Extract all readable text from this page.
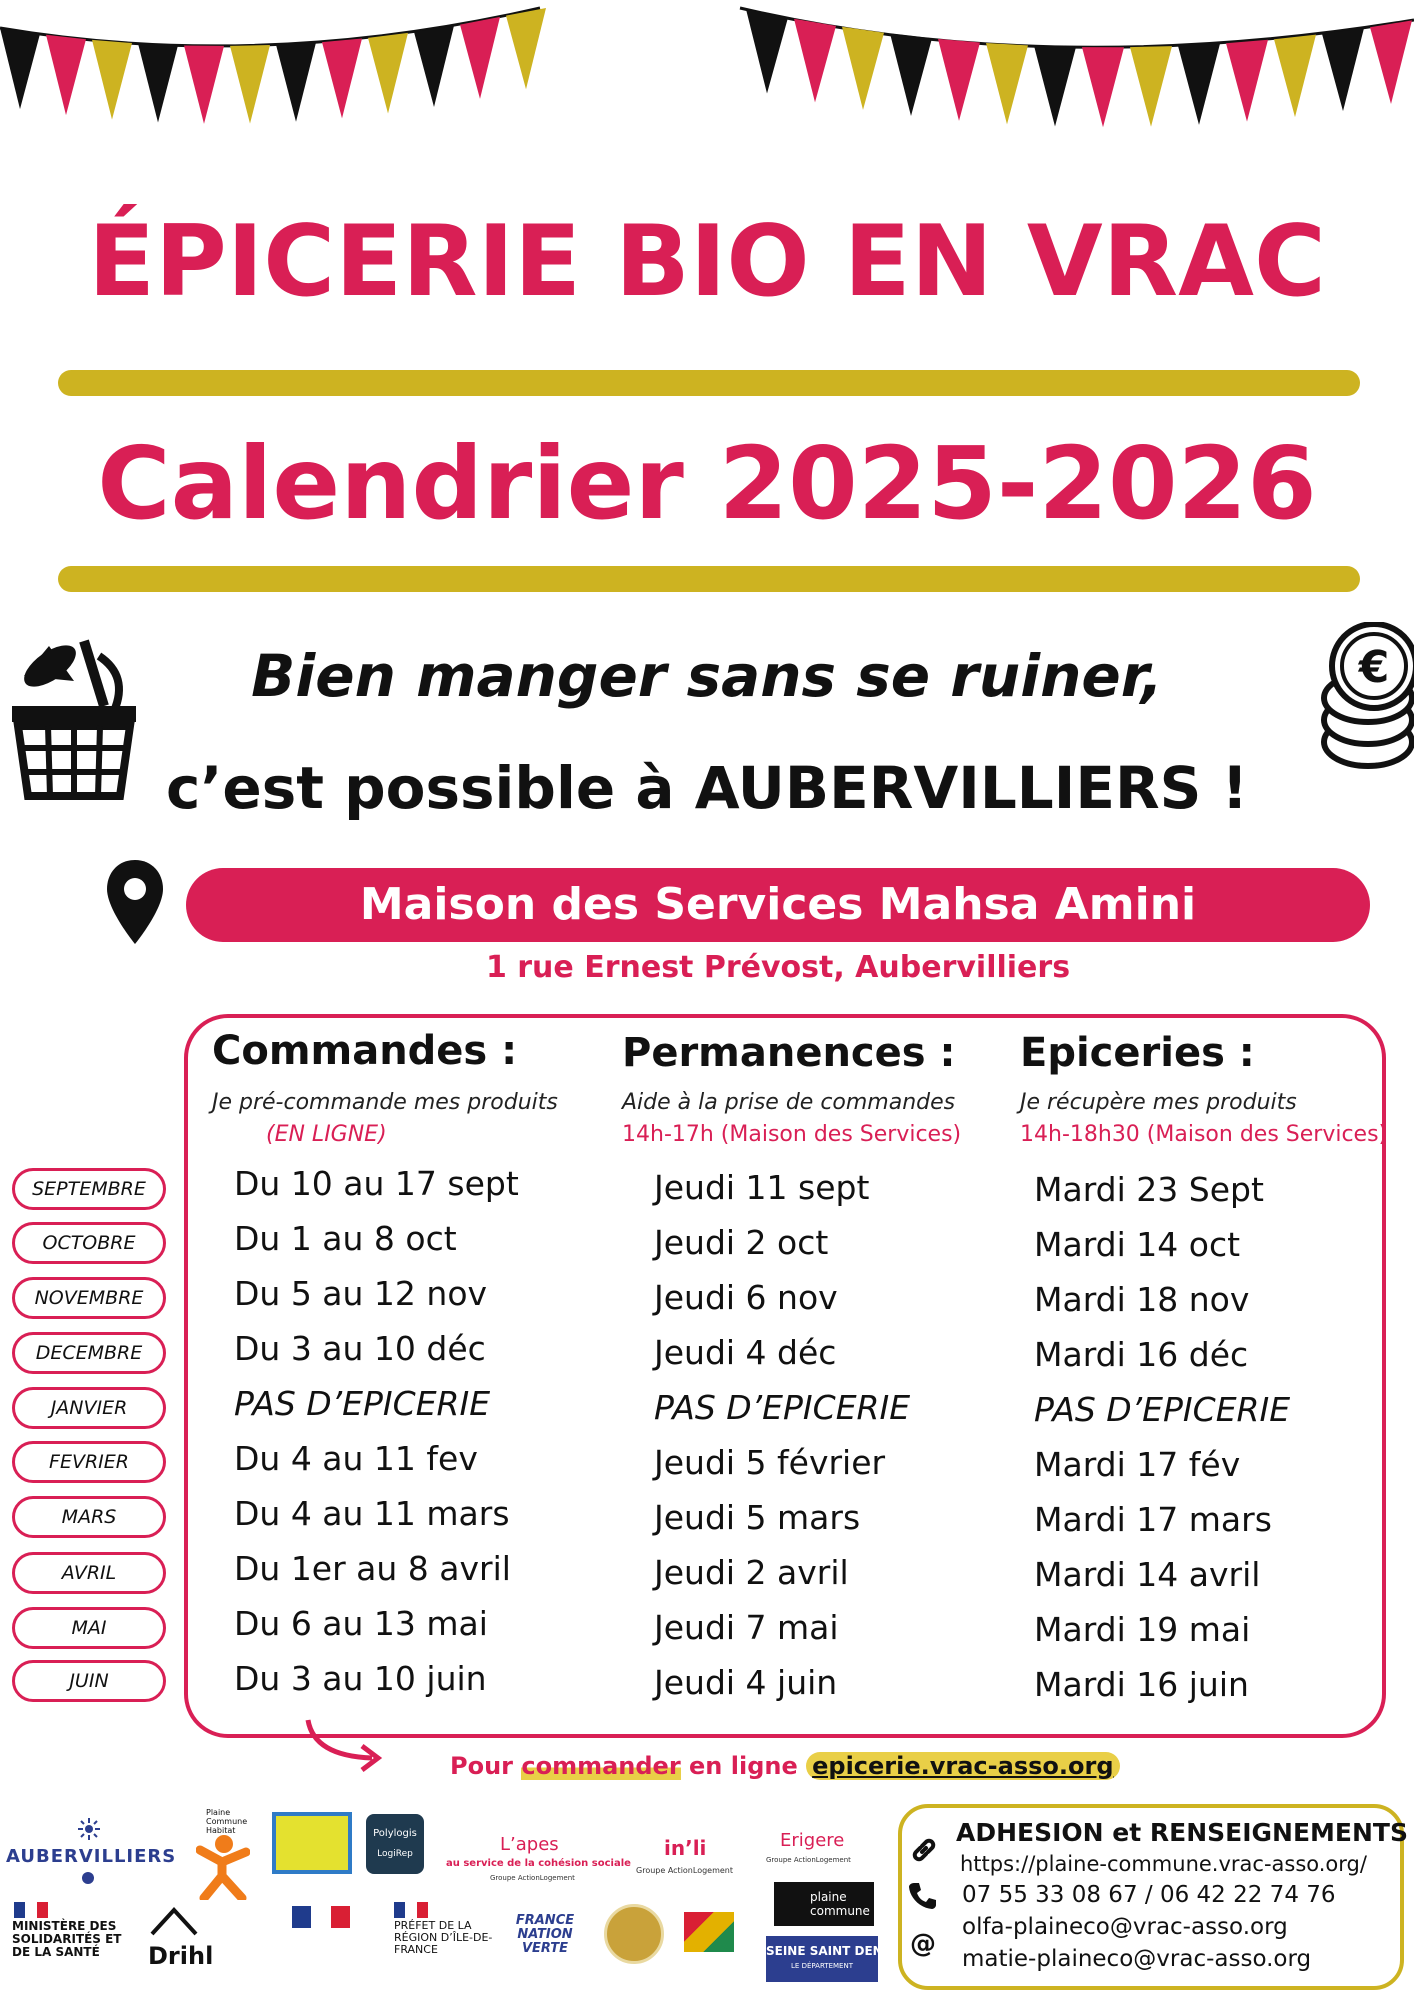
ÉPICERIE BIO EN VRAC
Calendrier 2025-2026
Bien manger sans se ruiner,
c’est possible à AUBERVILLIERS !
€
Maison des Services Mahsa Amini
1 rue Ernest Prévost, Aubervilliers
Commandes :
Je pré-commande mes produits
(EN LIGNE)
Permanences :
Aide à la prise de commandes
14h-17h (Maison des Services)
Epiceries :
Je récupère mes produits
14h-18h30 (Maison des Services)
SEPTEMBRE
OCTOBRE
NOVEMBRE
DECEMBRE
JANVIER
FEVRIER
MARS
AVRIL
MAI
JUIN
Du 10 au 17 sept
Du 1 au 8 oct
Du 5 au 12 nov
Du 3 au 10 déc
PAS D’EPICERIE
Du 4 au 11 fev
Du 4 au 11 mars
Du 1er au 8 avril
Du 6 au 13 mai
Du 3 au 10 juin
Jeudi 11 sept
Jeudi 2 oct
Jeudi 6 nov
Jeudi 4 déc
PAS D’EPICERIE
Jeudi 5 février
Jeudi 5 mars
Jeudi 2 avril
Jeudi 7 mai
Jeudi 4 juin
Mardi 23 Sept
Mardi 14 oct
Mardi 18 nov
Mardi 16 déc
PAS D’EPICERIE
Mardi 17 fév
Mardi 17 mars
Mardi 14 avril
Mardi 19 mai
Mardi 16 juin
Pour commander en ligne epicerie.vrac-asso.org
AUBERVILLIERS
MINISTÈRE DES SOLIDARITÉS ET DE LA SANTÉ
Plaine Commune Habitat	Polylogis
LogiRep
Drihl
PRÉFET DE LA RÉGION D’ÎLE-DE-FRANCE
L’apes
au service de la cohésion sociale
Groupe ActionLogement
in’li
Groupe ActionLogement
Erigere
Groupe ActionLogement
FRANCE NATION VERTE
plaine commune
SEINE SAINT DENIS
LE DÉPARTEMENT
ADHESION et RENSEIGNEMENTS
https://plaine-commune.vrac-asso.org/
07 55 33 08 67 / 06 42 22 74 76
@
olfa-plaineco@vrac-asso.org
matie-plaineco@vrac-asso.org
